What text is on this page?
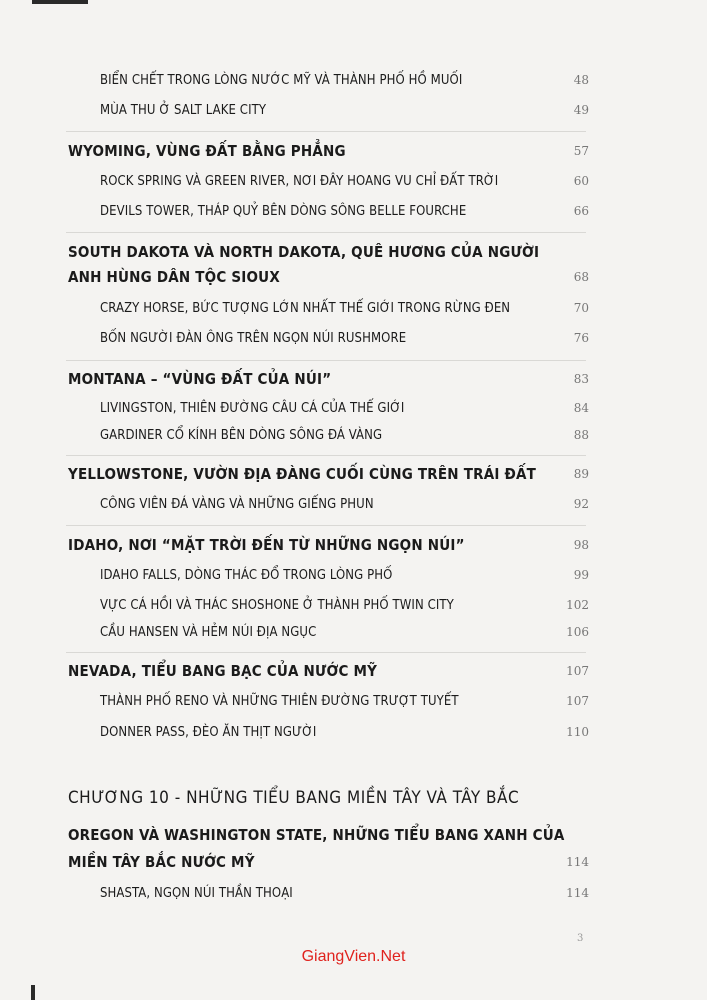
BIỂN CHẾT TRONG LÒNG NƯỚC MỸ VÀ THÀNH PHỐ HỒ MUỐI	48
MÙA THU Ở SALT LAKE CITY	49
WYOMING, VÙNG ĐẤT BẰNG PHẲNG	57
ROCK SPRING VÀ GREEN RIVER, NƠI ĐÂY HOANG VU CHỈ ĐẤT TRỜI	60
DEVILS TOWER, THÁP QUỶ BÊN DÒNG SÔNG BELLE FOURCHE	66
SOUTH DAKOTA VÀ NORTH DAKOTA, QUÊ HƯƠNG CỦA NGƯỜI
ANH HÙNG DÂN TỘC SIOUX	68
CRAZY HORSE, BỨC TƯỢNG LỚN NHẤT THẾ GIỚI TRONG RỪNG ĐEN	70
BỐN NGƯỜI ĐÀN ÔNG TRÊN NGỌN NÚI RUSHMORE	76
MONTANA – “VÙNG ĐẤT CỦA NÚI”	83
LIVINGSTON, THIÊN ĐƯỜNG CÂU CÁ CỦA THẾ GIỚI	84
GARDINER CỔ KÍNH BÊN DÒNG SÔNG ĐÁ VÀNG	88
YELLOWSTONE, VƯỜN ĐỊA ĐÀNG CUỐI CÙNG TRÊN TRÁI ĐẤT	89
CÔNG VIÊN ĐÁ VÀNG VÀ NHỮNG GIẾNG PHUN	92
IDAHO, NƠI “MẶT TRỜI ĐẾN TỪ NHỮNG NGỌN NÚI”	98
IDAHO FALLS, DÒNG THÁC ĐỔ TRONG LÒNG PHỐ	99
VỰC CÁ HỒI VÀ THÁC SHOSHONE Ở THÀNH PHỐ TWIN CITY	102
CẦU HANSEN VÀ HẺM NÚI ĐỊA NGỤC	106
NEVADA, TIỂU BANG BẠC CỦA NƯỚC MỸ	107
THÀNH PHỐ RENO VÀ NHỮNG THIÊN ĐƯỜNG TRƯỢT TUYẾT	107
DONNER PASS, ĐÈO ĂN THỊT NGƯỜI	110
CHƯƠNG 10 - NHỮNG TIỂU BANG MIỀN TÂY VÀ TÂY BẮC
OREGON VÀ WASHINGTON STATE, NHỮNG TIỂU BANG XANH CỦA
MIỀN TÂY BẮC NƯỚC MỸ	114
SHASTA, NGỌN NÚI THẦN THOẠI	114
3
GiangVien.Net
